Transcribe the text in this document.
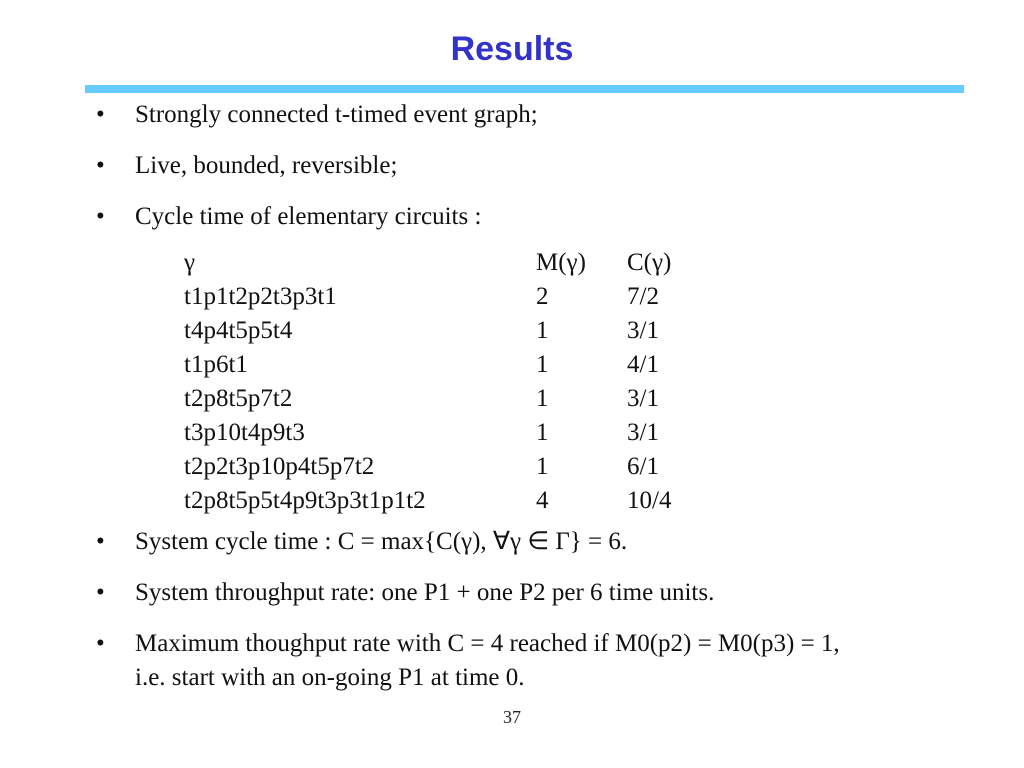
Results
•	Strongly connected t-timed event graph;
•	Live, bounded, reversible;
•	Cycle time of elementary circuits :
γ	M(γ) C(γ)
t1p1t2p2t3p3t1	2	7/2
t4p4t5p5t4	1	3/1
t1p6t1	1	4/1
t2p8t5p7t2	1	3/1
t3p10t4p9t3	1	3/1
t2p2t3p10p4t5p7t2	1	6/1
t2p8t5p5t4p9t3p3t1p1t2	4	10/4
•	System cycle time : C = max{C(γ), ∀γ ∈ Γ} = 6.
•	System throughput rate: one P1 + one P2 per 6 time units.
•	Maximum thoughput rate with C = 4 reached if M0(p2) = M0(p3) = 1,
i.e. start with an on-going P1 at time 0.
37
